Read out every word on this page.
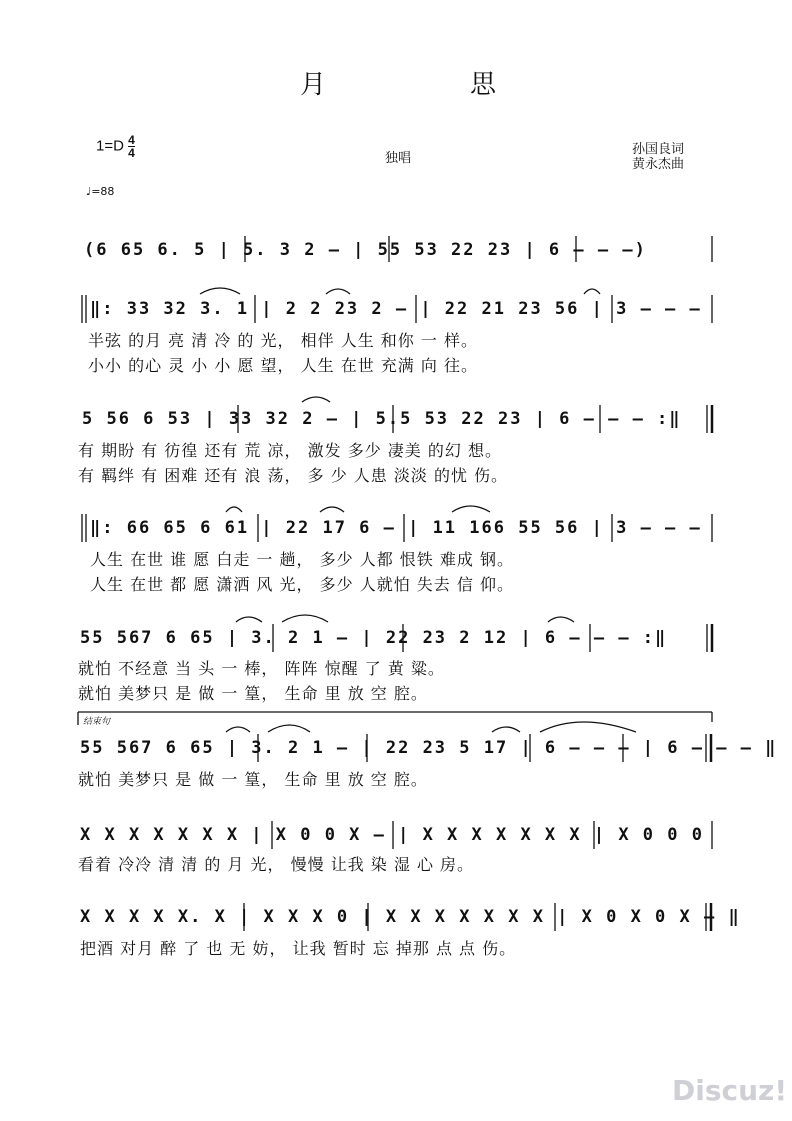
月	思
$1=D \frac{4}{4}$	独唱
孙国良词
黄永杰曲
♩=88
结束句
(6 65 6. 5 | 5. 3 2 – | 55 53 22 23 | 6 – – –)
‖: 33 32 3. 1 | 2 2 23 2 – | 22 21 23 56 | 3 – – –
半弦 的月 亮 清 冷 的 光， 相伴 人生 和你 一 样。
小小 的心 灵 小 小 愿 望， 人生 在世 充满 向 往。
5 56 6 53 | 33 32 2 – | 5.5 53 22 23 | 6 – – – :‖
有 期盼 有 彷徨 还有 荒 凉， 激发 多少 凄美 的幻 想。
有 羁绊 有 困难 还有 浪 荡， 多 少 人患 淡淡 的忧 伤。
‖: 66 65 6 61 | 22 17 6 – | 11 166 55 56 | 3 – – –
人生 在世 谁 愿 白走 一 趟， 多少 人都 恨铁 难成 钢。
人生 在世 都 愿 潇洒 风 光， 多少 人就怕 失去 信 仰。
55 567 6 65 | 3. 2 1 – | 22 23 2 12 | 6 – – – :‖
就怕 不经意 当 头 一 棒， 阵阵 惊醒 了 黄 粱。
就怕 美梦只 是 做 一 篁， 生命 里 放 空 腔。
55 567 6 65 | 3. 2 1 – | 22 23 5 17 | 6 – – – | 6 – – – ‖
就怕 美梦只 是 做 一 篁， 生命 里 放 空 腔。
X X X X X X X | X 0 0 X – | X X X X X X X | X 0 0 0
看着 冷冷 清 清 的 月 光， 慢慢 让我 染 湿 心 房。
X X X X X. X | X X X 0 | X X X X X X X | X 0 X 0 X – ‖
把酒 对月 醉 了 也 无 妨， 让我 暂时 忘 掉那 点 点 伤。
Discuz!
